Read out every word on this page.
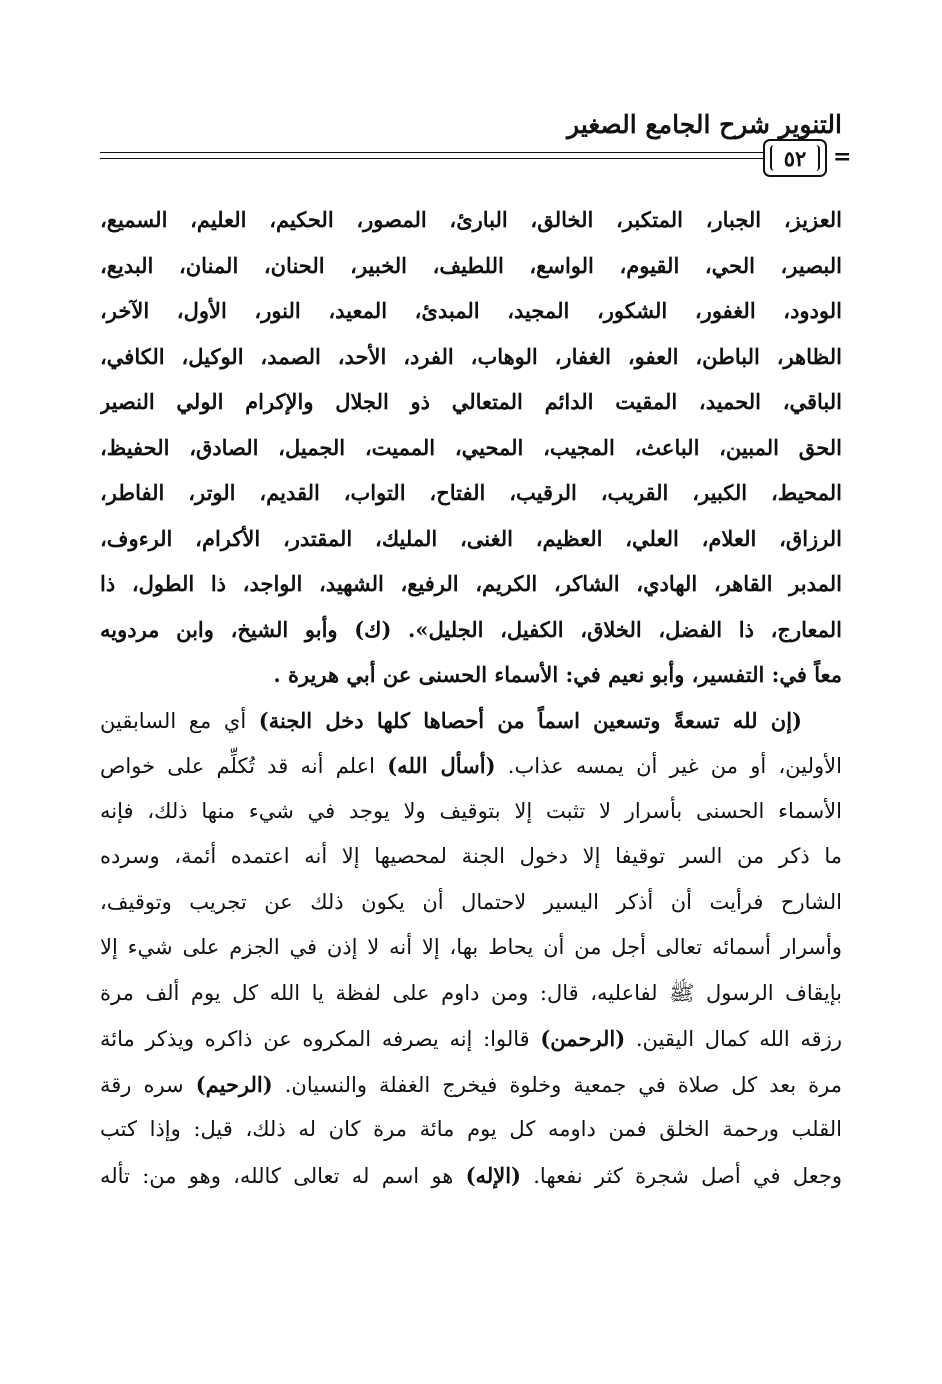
التنوير شرح الجامع الصغير
٥٢ =
العزيز، الجبار، المتكبر، الخالق، البارئ، المصور، الحكيم، العليم، السميع،
البصير، الحي، القيوم، الواسع، اللطيف، الخبير، الحنان، المنان، البديع،
الودود، الغفور، الشكور، المجيد، المبدئ، المعيد، النور، الأول، الآخر،
الظاهر، الباطن، العفو، الغفار، الوهاب، الفرد، الأحد، الصمد، الوكيل، الكافي،
الباقي، الحميد، المقيت الدائم المتعالي ذو الجلال والإكرام الولي النصير
الحق المبين، الباعث، المجيب، المحيي، المميت، الجميل، الصادق، الحفيظ،
المحيط، الكبير، القريب، الرقيب، الفتاح، التواب، القديم، الوتر، الفاطر،
الرزاق، العلام، العلي، العظيم، الغنى، المليك، المقتدر، الأكرام، الرءوف،
المدبر القاهر، الهادي، الشاكر، الكريم، الرفيع، الشهيد، الواجد، ذا الطول، ذا
المعارج، ذا الفضل، الخلاق، الكفيل، الجليل». (ك) وأبو الشيخ، وابن مردويه
معاً في: التفسير، وأبو نعيم في: الأسماء الحسنى عن أبي هريرة .
(إن لله تسعةً وتسعين اسماً من أحصاها كلها دخل الجنة) أي مع السابقين
الأولين، أو من غير أن يمسه عذاب. (أسأل الله) اعلم أنه قد تُكلِّم على خواص
الأسماء الحسنى بأسرار لا تثبت إلا بتوقيف ولا يوجد في شيء منها ذلك، فإنه
ما ذكر من السر توقيفا إلا دخول الجنة لمحصيها إلا أنه اعتمده أئمة، وسرده
الشارح فرأيت أن أذكر اليسير لاحتمال أن يكون ذلك عن تجريب وتوقيف،
وأسرار أسمائه تعالى أجل من أن يحاط بها، إلا أنه لا إذن في الجزم على شيء إلا
بإيقاف الرسول ﷺ لفاعليه، قال: ومن داوم على لفظة يا الله كل يوم ألف مرة
رزقه الله كمال اليقين. (الرحمن) قالوا: إنه يصرفه المكروه عن ذاكره ويذكر مائة
مرة بعد كل صلاة في جمعية وخلوة فيخرج الغفلة والنسيان. (الرحيم) سره رقة
القلب ورحمة الخلق فمن داومه كل يوم مائة مرة كان له ذلك، قيل: وإذا كتب
وجعل في أصل شجرة كثر نفعها. (الإله) هو اسم له تعالى كالله، وهو من: تأله
